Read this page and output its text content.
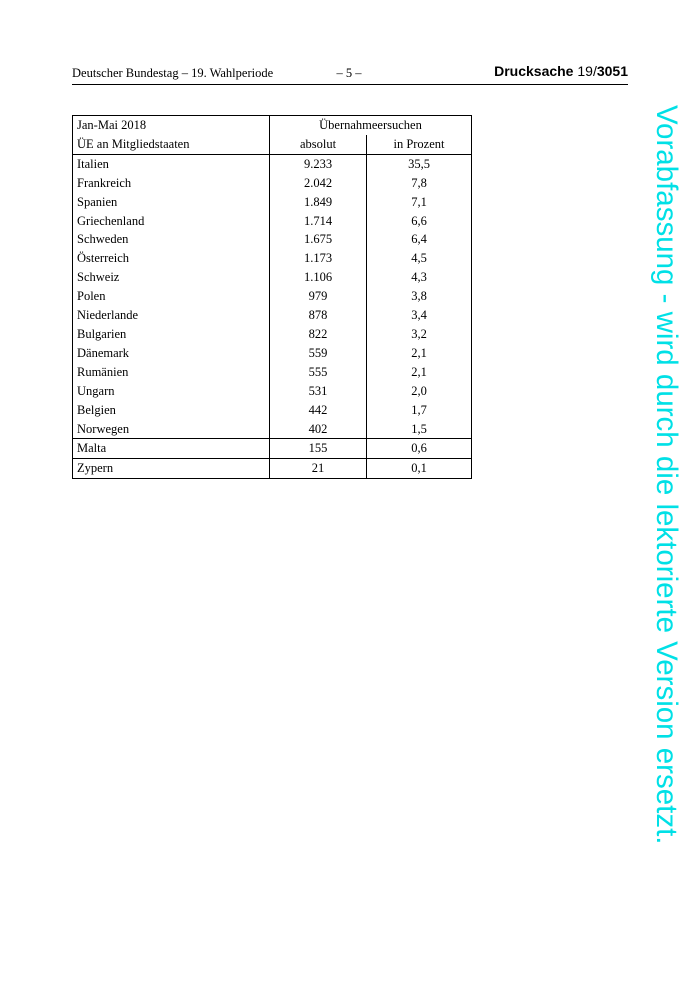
Deutscher Bundestag – 19. Wahlperiode	– 5 –	Drucksache 19/3051
Jan-Mai 2018	Übernahmeersuchen	
ÜE an Mitgliedstaaten	absolut	in Prozent
Italien	9.233	35,5
Frankreich	2.042	7,8
Spanien	1.849	7,1
Griechenland	1.714	6,6
Schweden	1.675	6,4
Österreich	1.173	4,5
Schweiz	1.106	4,3
Polen	979	3,8
Niederlande	878	3,4
Bulgarien	822	3,2
Dänemark	559	2,1
Rumänien	555	2,1
Ungarn	531	2,0
Belgien	442	1,7
Norwegen	402	1,5
Malta	155	0,6
Zypern	21	0,1	Vorabfassung - wird durch die lektorierte Version ersetzt.
